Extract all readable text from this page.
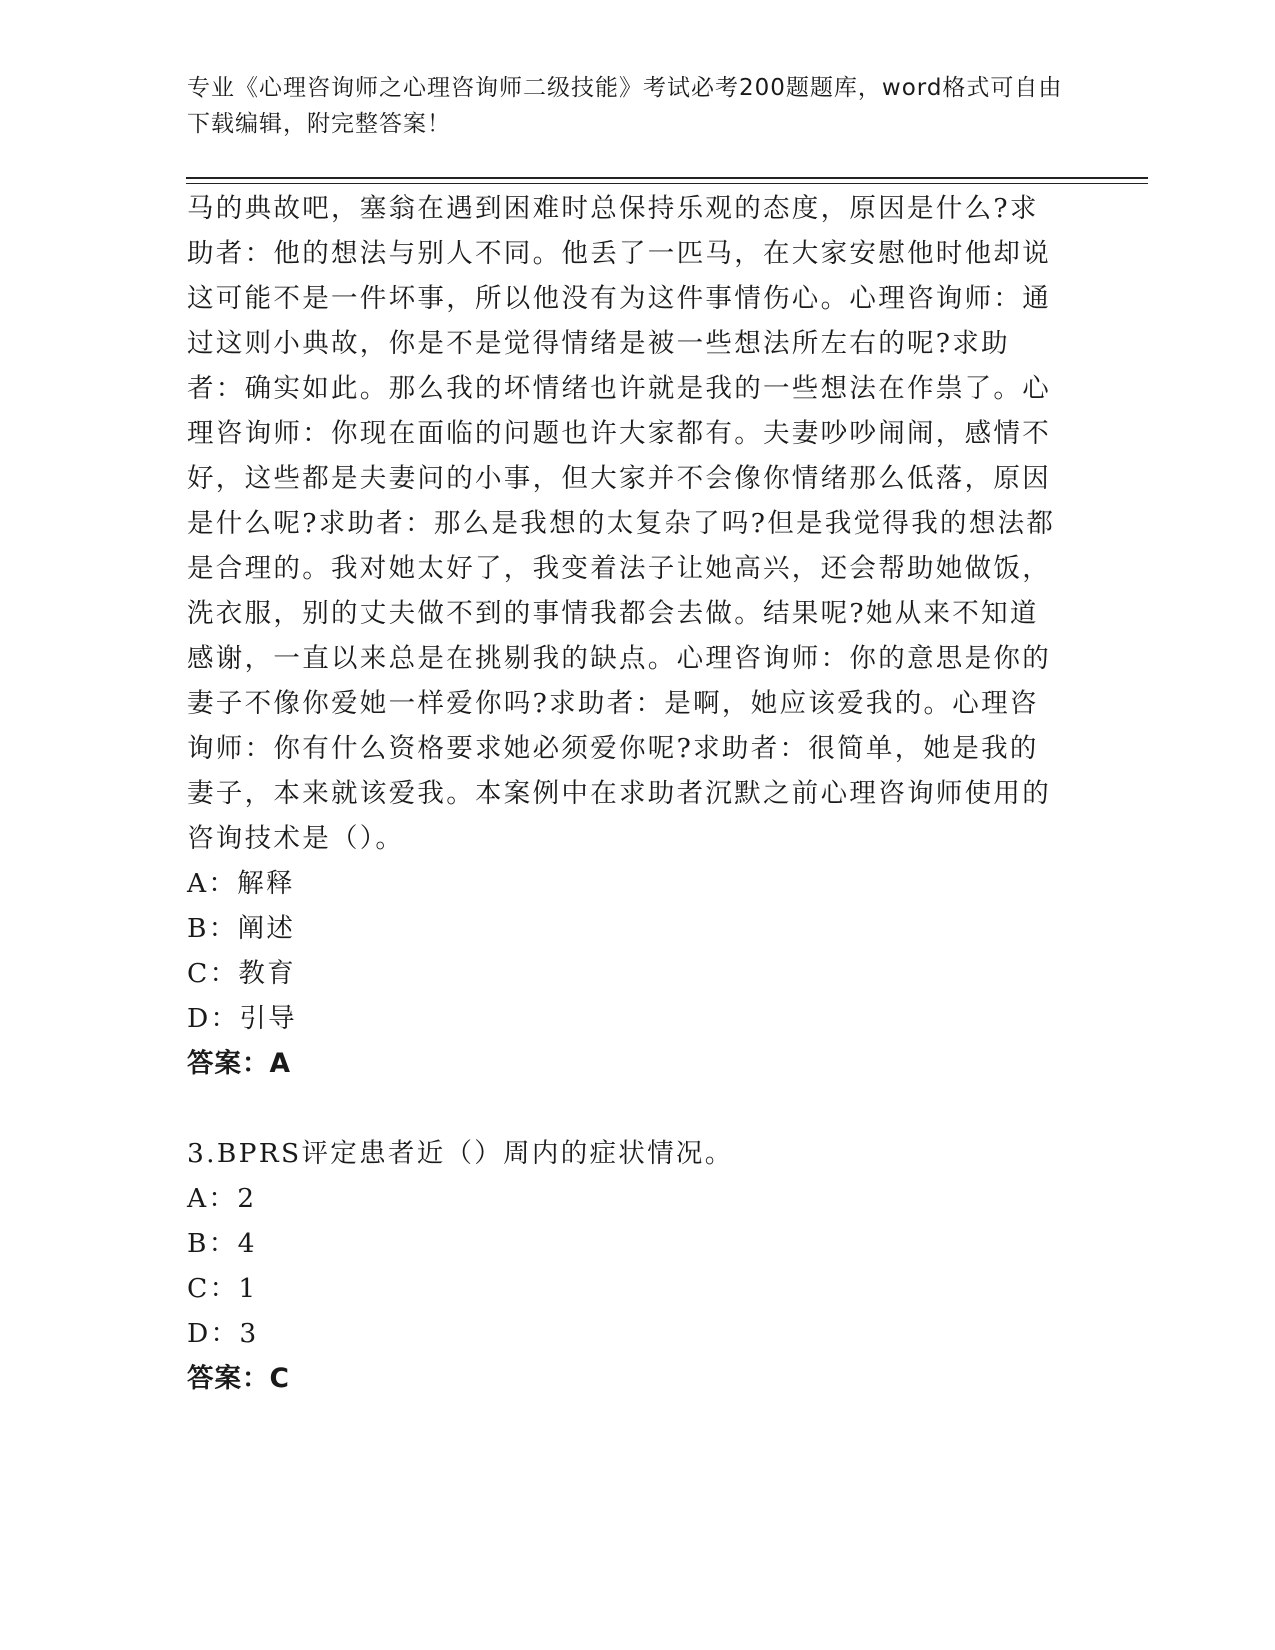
专业《心理咨询师之心理咨询师二级技能》考试必考200题题库，word格式可自由下载编辑，附完整答案！

马的典故吧，塞翁在遇到困难时总保持乐观的态度，原因是什么?求助者：他的想法与别人不同。他丢了一匹马，在大家安慰他时他却说这可能不是一件坏事，所以他没有为这件事情伤心。心理咨询师：通过这则小典故，你是不是觉得情绪是被一些想法所左右的呢?求助者：确实如此。那么我的坏情绪也许就是我的一些想法在作祟了。心理咨询师：你现在面临的问题也许大家都有。夫妻吵吵闹闹，感情不好，这些都是夫妻问的小事，但大家并不会像你情绪那么低落，原因是什么呢?求助者：那么是我想的太复杂了吗?但是我觉得我的想法都是合理的。我对她太好了，我变着法子让她高兴，还会帮助她做饭，洗衣服，别的丈夫做不到的事情我都会去做。结果呢?她从来不知道感谢，一直以来总是在挑剔我的缺点。心理咨询师：你的意思是你的妻子不像你爱她一样爱你吗?求助者：是啊，她应该爱我的。心理咨询师：你有什么资格要求她必须爱你呢?求助者：很简单，她是我的妻子，本来就该爱我。本案例中在求助者沉默之前心理咨询师使用的咨询技术是（）。

A：解释

B：阐述

C：教育

D：引导

答案：A

3.BPRS评定患者近（）周内的症状情况。

A：2

B：4

C：1

D：3

答案：C
